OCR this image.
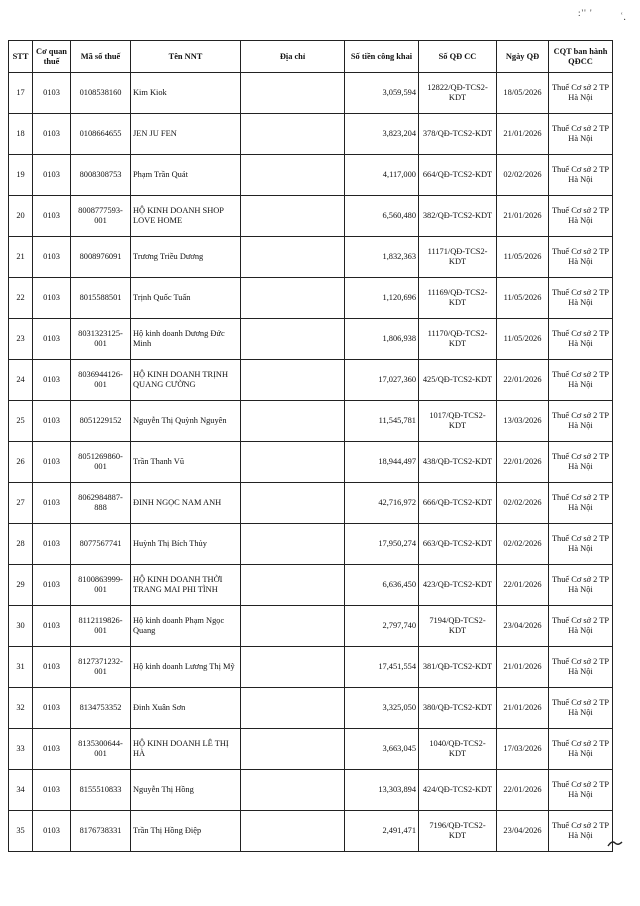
:'' '	ʿ.
STT	Cơ quan thuế	Mã số thuế	Tên NNT	Địa chỉ	Số tiền công khai	Số QĐ CC	Ngày QĐ	CQT ban hành QĐCC
17	0103	0108538160	Kim Kiok		3,059,594	12822/QĐ-TCS2-KDT	18/05/2026	Thuế Cơ sở 2 TP Hà Nội
18	0103	0108664655	JEN JU FEN		3,823,204	378/QĐ-TCS2-KDT	21/01/2026	Thuế Cơ sở 2 TP Hà Nội
19	0103	8008308753	Phạm Trần Quát		4,117,000	664/QĐ-TCS2-KDT	02/02/2026	Thuế Cơ sở 2 TP Hà Nội
20	0103	8008777593-001	HỘ KINH DOANH SHOP LOVE HOME		6,560,480	382/QĐ-TCS2-KDT	21/01/2026	Thuế Cơ sở 2 TP Hà Nội
21	0103	8008976091	Trương Triều Dương		1,832,363	11171/QĐ-TCS2-KDT	11/05/2026	Thuế Cơ sở 2 TP Hà Nội
22	0103	8015588501	Trịnh Quốc Tuấn		1,120,696	11169/QĐ-TCS2-KDT	11/05/2026	Thuế Cơ sở 2 TP Hà Nội
23	0103	8031323125-001	Hộ kinh doanh Dương Đức Minh		1,806,938	11170/QĐ-TCS2-KDT	11/05/2026	Thuế Cơ sở 2 TP Hà Nội
24	0103	8036944126-001	HỘ KINH DOANH TRỊNH QUANG CƯỜNG		17,027,360	425/QĐ-TCS2-KDT	22/01/2026	Thuế Cơ sở 2 TP Hà Nội
25	0103	8051229152	Nguyễn Thị Quỳnh Nguyên		11,545,781	1017/QĐ-TCS2-KDT	13/03/2026	Thuế Cơ sở 2 TP Hà Nội
26	0103	8051269860-001	Trần Thanh Vũ		18,944,497	438/QĐ-TCS2-KDT	22/01/2026	Thuế Cơ sở 2 TP Hà Nội
27	0103	8062984887-888	ĐINH NGỌC NAM ANH		42,716,972	666/QĐ-TCS2-KDT	02/02/2026	Thuế Cơ sở 2 TP Hà Nội
28	0103	8077567741	Huỳnh Thị Bích Thủy		17,950,274	663/QĐ-TCS2-KDT	02/02/2026	Thuế Cơ sở 2 TP Hà Nội
29	0103	8100863999-001	HỘ KINH DOANH THỜI TRANG MAI PHI TÌNH		6,636,450	423/QĐ-TCS2-KDT	22/01/2026	Thuế Cơ sở 2 TP Hà Nội
30	0103	8112119826-001	Hộ kinh doanh Phạm Ngọc Quang		2,797,740	7194/QĐ-TCS2-KDT	23/04/2026	Thuế Cơ sở 2 TP Hà Nội
31	0103	8127371232-001	Hộ kinh doanh Lương Thị Mỹ		17,451,554	381/QĐ-TCS2-KDT	21/01/2026	Thuế Cơ sở 2 TP Hà Nội
32	0103	8134753352	Đinh Xuân Sơn		3,325,050	380/QĐ-TCS2-KDT	21/01/2026	Thuế Cơ sở 2 TP Hà Nội
33	0103	8135300644-001	HỘ KINH DOANH LÊ THỊ HÀ		3,663,045	1040/QĐ-TCS2-KDT	17/03/2026	Thuế Cơ sở 2 TP Hà Nội
34	0103	8155510833	Nguyễn Thị Hồng		13,303,894	424/QĐ-TCS2-KDT	22/01/2026	Thuế Cơ sở 2 TP Hà Nội
35	0103	8176738331	Trần Thị Hồng Điệp		2,491,471	7196/QĐ-TCS2-KDT	23/04/2026	Thuế Cơ sở 2 TP Hà Nội
